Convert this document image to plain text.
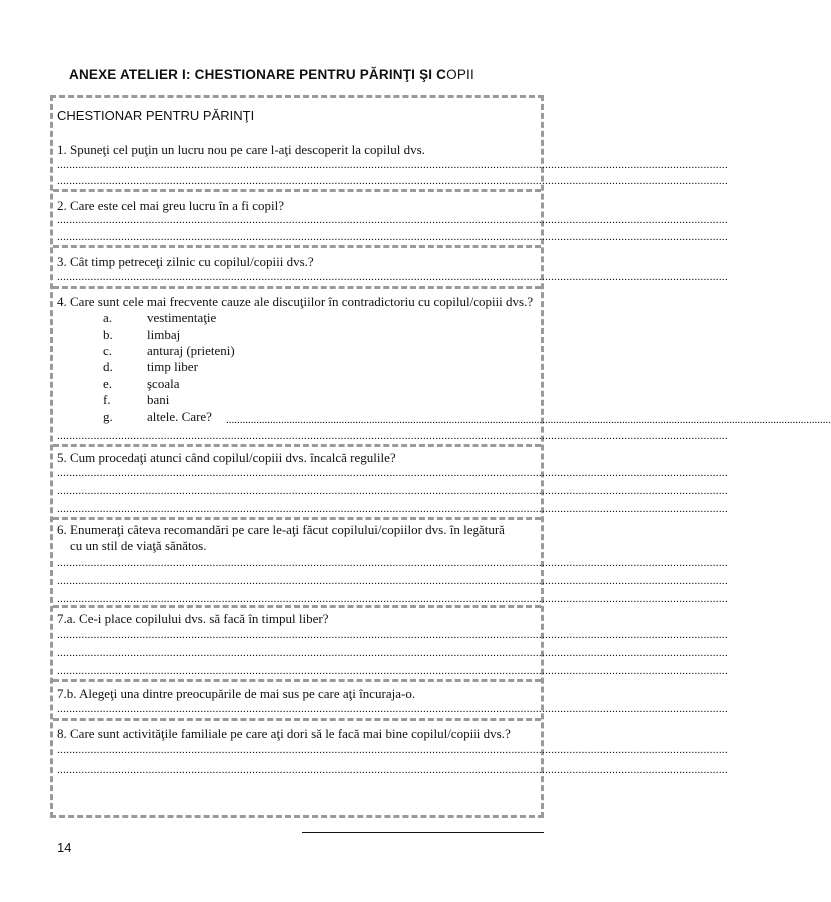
ANEXE ATELIER I: CHESTIONARE PENTRU PĂRINŢI ŞI COPII
CHESTIONAR PENTRU PĂRINŢI
1. Spuneţi cel puţin un lucru nou pe care l-aţi descoperit la copilul dvs.
............................................................................................................................................................................................................................
............................................................................................................................................................................................................................
2. Care este cel mai greu lucru în a fi copil?
............................................................................................................................................................................................................................
............................................................................................................................................................................................................................
3. Cât timp petreceţi zilnic cu copilul/copiii dvs.?
............................................................................................................................................................................................................................
4. Care sunt cele mai frecvente cauze ale discuţiilor în contradictoriu cu copilul/copiii dvs.?
a.	vestimentaţie
b.	limbaj
c.	anturaj (prieteni)
d.	timp liber
e.	şcoala
f.	bani
g.	altele. Care? ............................................................................................................................................................................................................................
............................................................................................................................................................................................................................
5. Cum procedaţi atunci când copilul/copiii dvs. încalcă regulile?
............................................................................................................................................................................................................................
............................................................................................................................................................................................................................
............................................................................................................................................................................................................................
6. Enumeraţi câteva recomandări pe care le-aţi făcut copilului/copiilor dvs. în legătură
cu un stil de viaţă sănătos.
............................................................................................................................................................................................................................
............................................................................................................................................................................................................................
............................................................................................................................................................................................................................
7.a. Ce-i place copilului dvs. să facă în timpul liber?
............................................................................................................................................................................................................................
............................................................................................................................................................................................................................
............................................................................................................................................................................................................................
7.b. Alegeţi una dintre preocupările de mai sus pe care aţi încuraja-o.
............................................................................................................................................................................................................................
8. Care sunt activităţile familiale pe care aţi dori să le facă mai bine copilul/copiii dvs.?
............................................................................................................................................................................................................................
............................................................................................................................................................................................................................
14
